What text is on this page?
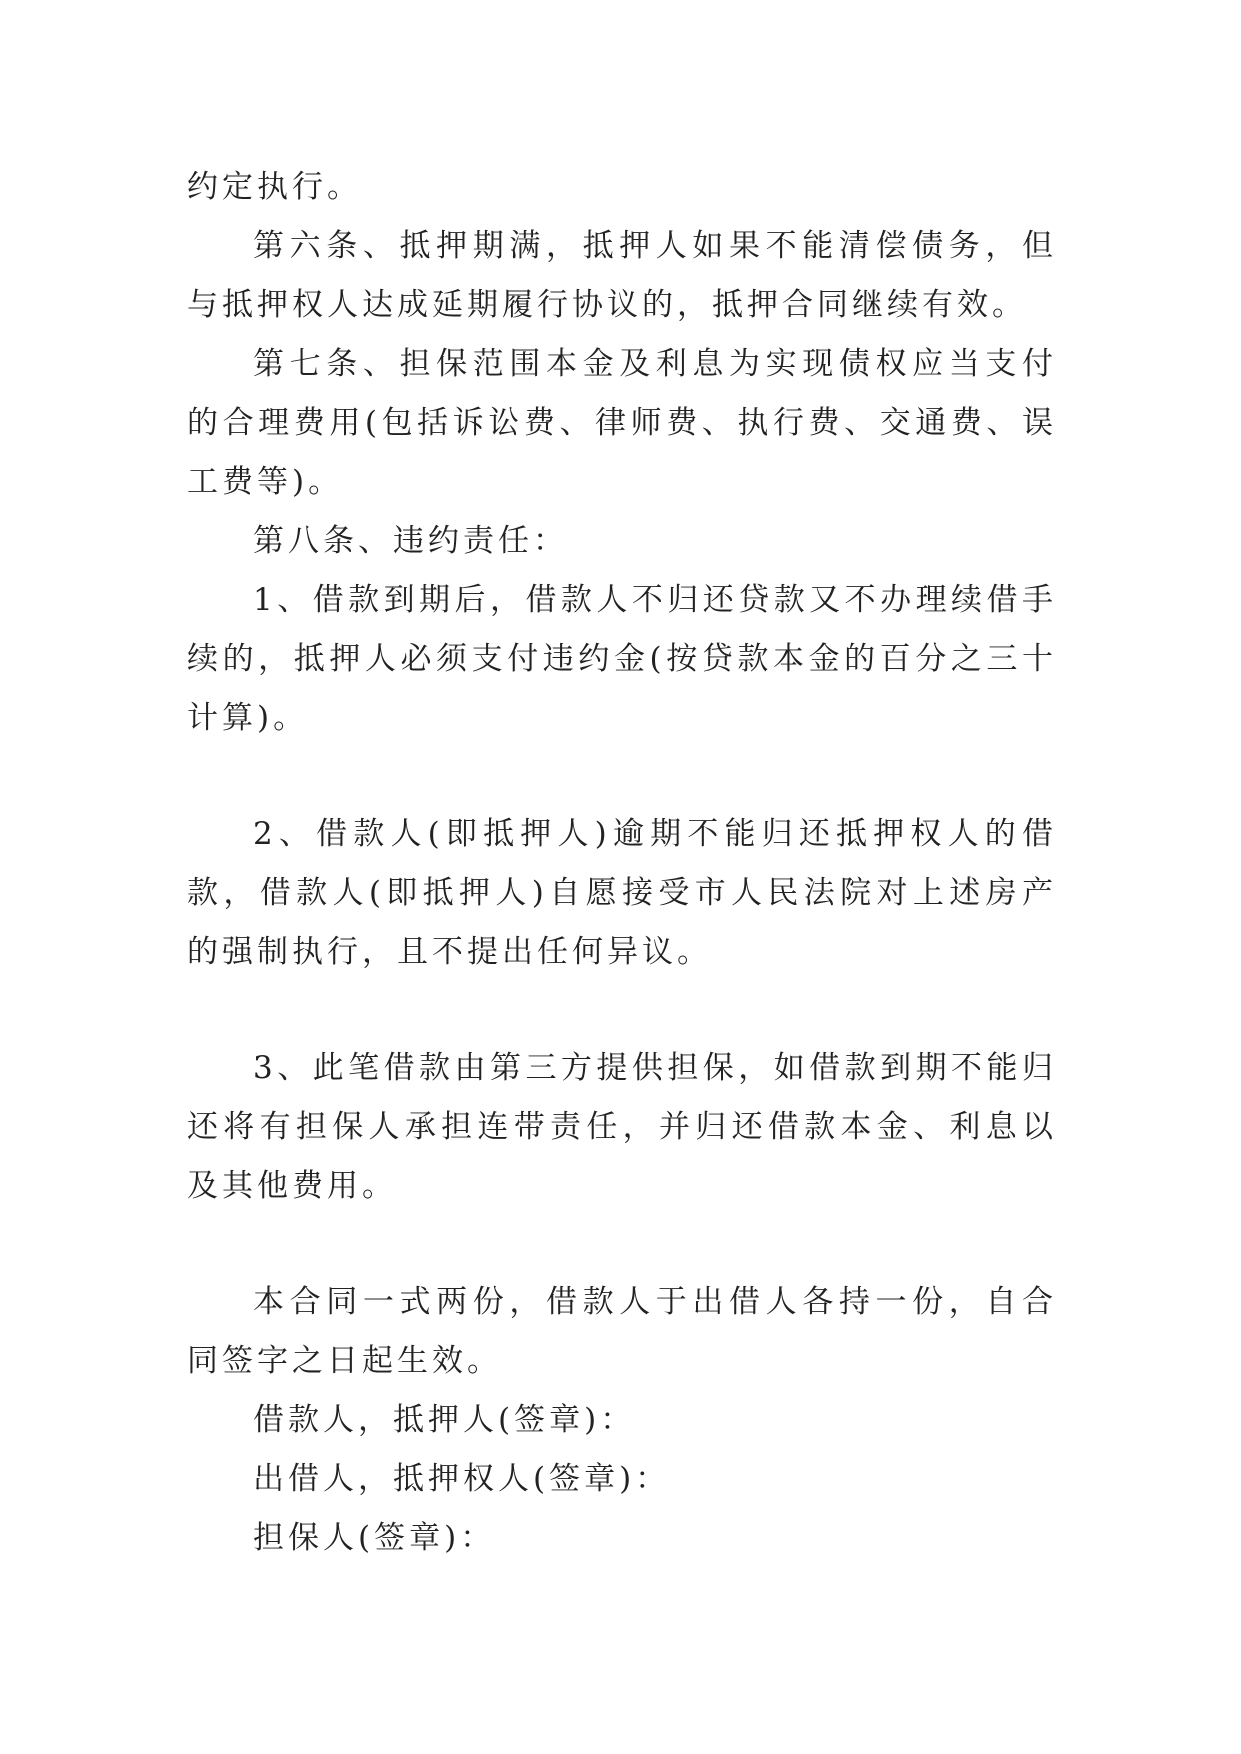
约定执行。

第六条、抵押期满，抵押人如果不能清偿债务，但与抵押权人达成延期履行协议的，抵押合同继续有效。

第七条、担保范围本金及利息为实现债权应当支付的合理费用(包括诉讼费、律师费、执行费、交通费、误工费等)。

第八条、违约责任：

1、借款到期后，借款人不归还贷款又不办理续借手续的，抵押人必须支付违约金(按贷款本金的百分之三十计算)。

2、借款人(即抵押人)逾期不能归还抵押权人的借款，借款人(即抵押人)自愿接受市人民法院对上述房产的强制执行，且不提出任何异议。

3、此笔借款由第三方提供担保，如借款到期不能归还将有担保人承担连带责任，并归还借款本金、利息以及其他费用。

本合同一式两份，借款人于出借人各持一份，自合同签字之日起生效。

借款人，抵押人(签章)：

出借人，抵押权人(签章)：

担保人(签章)：
